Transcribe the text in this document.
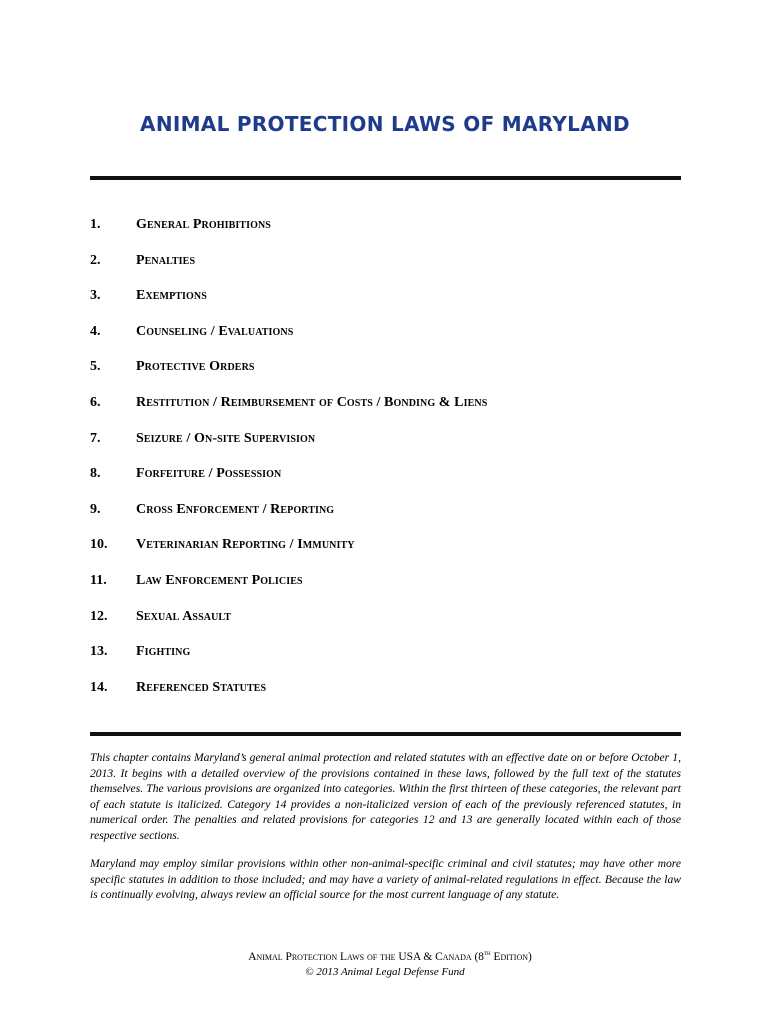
ANIMAL PROTECTION LAWS OF MARYLAND
1.	General Prohibitions
2.	Penalties
3.	Exemptions
4.	Counseling / Evaluations
5.	Protective Orders
6.	Restitution / Reimbursement of Costs / Bonding & Liens
7.	Seizure / On-site Supervision
8.	Forfeiture / Possession
9.	Cross Enforcement / Reporting
10.	Veterinarian Reporting / Immunity
11.	Law Enforcement Policies
12.	Sexual Assault
13.	Fighting
14.	Referenced Statutes

This chapter contains Maryland’s general animal protection and related statutes with an effective date on or before October 1, 2013. It begins with a detailed overview of the provisions contained in these laws, followed by the full text of the statutes themselves. The various provisions are organized into categories. Within the first thirteen of these categories, the relevant part of each statute is italicized. Category 14 provides a non-italicized version of each of the previously referenced statutes, in numerical order. The penalties and related provisions for categories 12 and 13 are generally located within each of those respective sections.

Maryland may employ similar provisions within other non-animal-specific criminal and civil statutes; may have other more specific statutes in addition to those included; and may have a variety of animal-related regulations in effect. Because the law is continually evolving, always review an official source for the most current language of any statute.

Animal Protection Laws of the USA & Canada (8th Edition)
© 2013 Animal Legal Defense Fund
